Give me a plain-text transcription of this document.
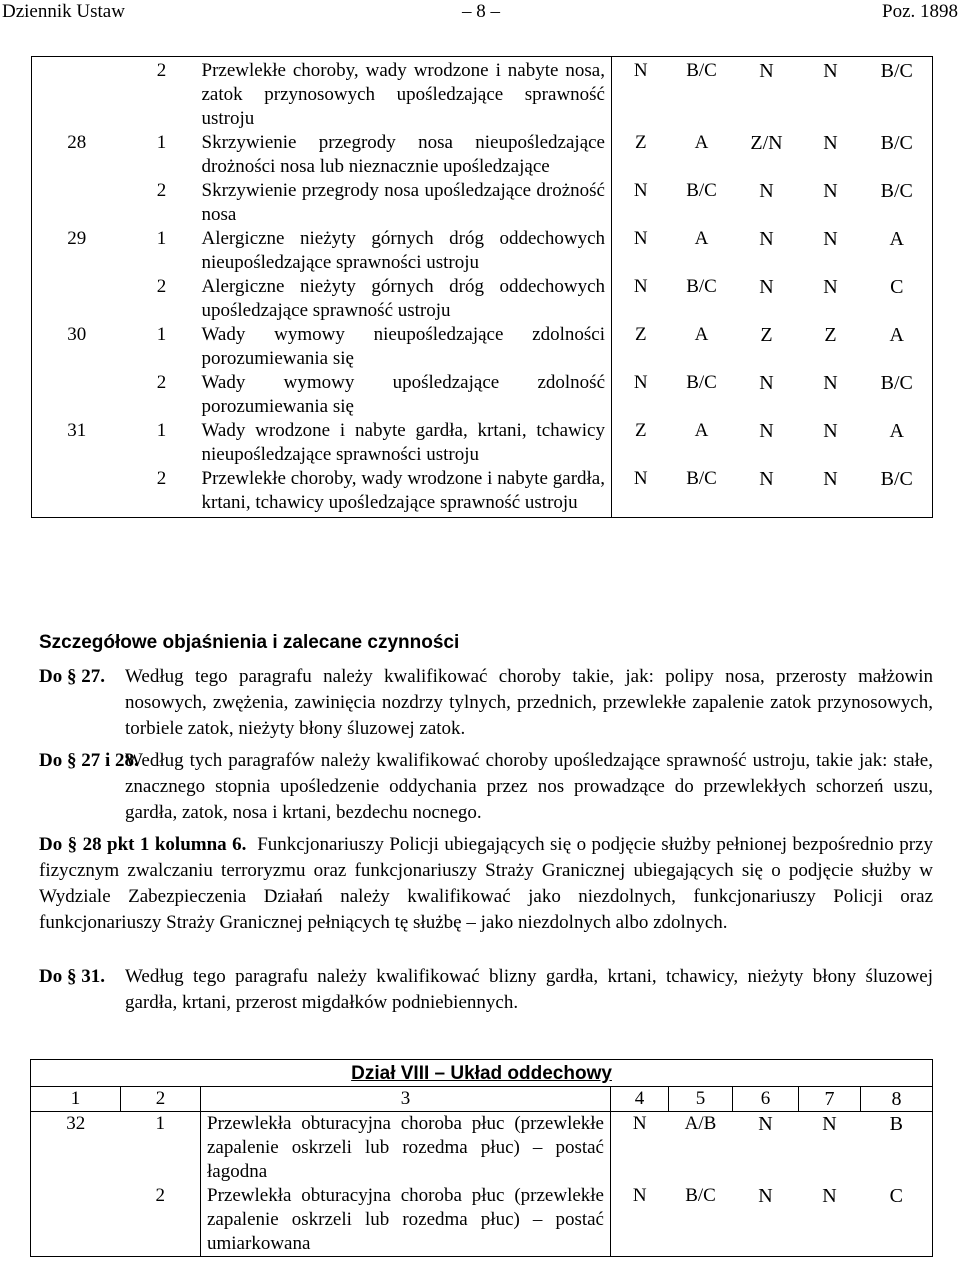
Dziennik Ustaw	– 8 –	Poz. 1898
	2	Przewlekłe choroby, wady wrodzone i nabyte nosa, zatok przynosowych upośledzające sprawność ustroju	N	B/C	N	N	B/C
28	1	Skrzywienie przegrody nosa nieupośledzające drożności nosa lub nieznacznie upośledzające	Z	A	Z/N	N	B/C
	2	Skrzywienie przegrody nosa upośledzające drożność nosa	N	B/C	N	N	B/C
29	1	Alergiczne nieżyty górnych dróg oddechowych nieupośledzające sprawności ustroju	N	A	N	N	A
	2	Alergiczne nieżyty górnych dróg oddechowych upośledzające sprawność ustroju	N	B/C	N	N	C
30	1	Wady wymowy nieupośledzające zdolności porozumiewania się	Z	A	Z	Z	A
	2	Wady wymowy upośledzające zdolność porozumiewania się	N	B/C	N	N	B/C
31	1	Wady wrodzone i nabyte gardła, krtani, tchawicy nieupośledzające sprawności ustroju	Z	A	N	N	A
	2	Przewlekłe choroby, wady wrodzone i nabyte gardła, krtani, tchawicy upośledzające sprawność ustroju	N	B/C	N	N	B/C
Szczegółowe objaśnienia i zalecane czynności
Do § 27. Według tego paragrafu należy kwalifikować choroby takie, jak: polipy nosa, przerosty małżowin nosowych, zwężenia, zawinięcia nozdrzy tylnych, przednich, przewlekłe zapalenie zatok przynosowych, torbiele zatok, nieżyty błony śluzowej zatok.
Do § 27 i 28.
Według tych paragrafów należy kwalifikować choroby upośledzające sprawność ustroju, takie jak: stałe, znacznego stopnia upośledzenie oddychania przez nos prowadzące do przewlekłych schorzeń uszu, gardła, zatok, nosa i krtani, bezdechu nocnego.
Do § 28 pkt 1 kolumna 6. Funkcjonariuszy Policji ubiegających się o podjęcie służby pełnionej bezpośrednio przy fizycznym zwalczaniu terroryzmu oraz funkcjonariuszy Straży Granicznej ubiegających się o podjęcie służby w Wydziale Zabezpieczenia Działań należy kwalifikować jako niezdolnych, funkcjonariuszy Policji oraz funkcjonariuszy Straży Granicznej pełniących tę służbę – jako niezdolnych albo zdolnych.
Do § 31. Według tego paragrafu należy kwalifikować blizny gardła, krtani, tchawicy, nieżyty błony śluzowej gardła, krtani, przerost migdałków podniebiennych.
Dział VIII – Układ oddechowy							
1	2	3	4	5	6	7	8
32	1	Przewlekła obturacyjna choroba płuc (przewlekłe zapalenie oskrzeli lub rozedma płuc) – postać łagodna	N	A/B	N	N	B
	2	Przewlekła obturacyjna choroba płuc (przewlekłe zapalenie oskrzeli lub rozedma płuc) – postać umiarkowana	N	B/C	N	N	C
